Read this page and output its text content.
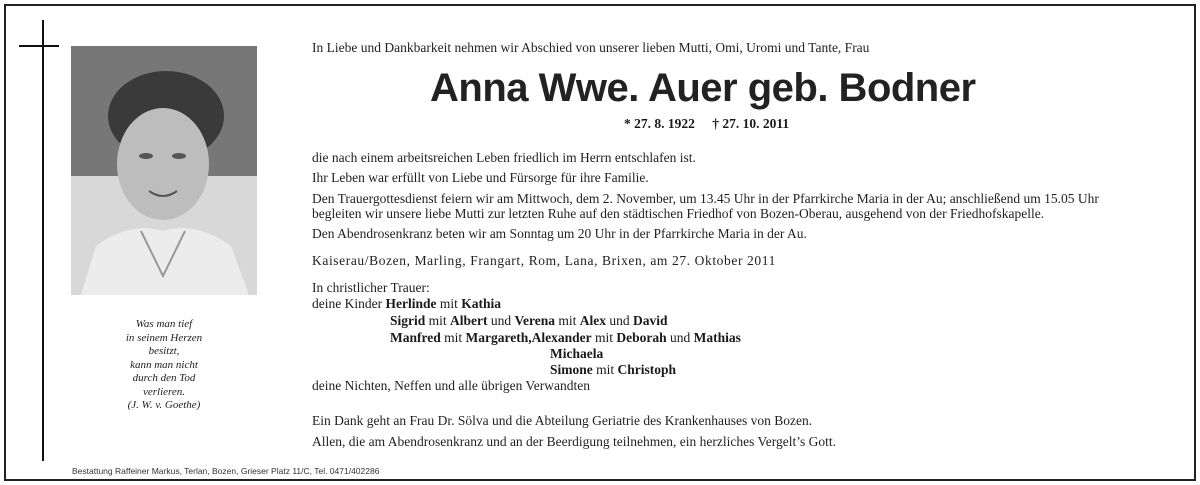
Was man tief
in seinem Herzen
besitzt,
kann man nicht
durch den Tod
verlieren.
(J. W. v. Goethe)
Bestattung Raffeiner Markus, Terlan, Bozen, Grieser Platz 11/C, Tel. 0471/402286
In Liebe und Dankbarkeit nehmen wir Abschied von unserer lieben Mutti, Omi, Uromi und Tante, Frau
Anna Wwe. Auer geb. Bodner
* 27. 8. 1922 † 27. 10. 2011
die nach einem arbeitsreichen Leben friedlich im Herrn entschlafen ist.
Ihr Leben war erfüllt von Liebe und Fürsorge für ihre Familie.
Den Trauergottesdienst feiern wir am Mittwoch, dem 2. November, um 13.45 Uhr in der Pfarrkirche Maria in der Au; anschließend um 15.05 Uhr
begleiten wir unsere liebe Mutti zur letzten Ruhe auf den städtischen Friedhof von Bozen-Oberau, ausgehend von der Friedhofskapelle.
Den Abendrosenkranz beten wir am Sonntag um 20 Uhr in der Pfarrkirche Maria in der Au.
Kaiserau/Bozen, Marling, Frangart, Rom, Lana, Brixen, am 27. Oktober 2011
In christlicher Trauer:
deine Kinder Herlinde mit Kathia
Sigrid mit Albert und Verena mit Alex und David
Manfred mit Margareth,Alexander mit Deborah und Mathias
Michaela
Simone mit Christoph
deine Nichten, Neffen und alle übrigen Verwandten
Ein Dank geht an Frau Dr. Sölva und die Abteilung Geriatrie des Krankenhauses von Bozen.
Allen, die am Abendrosenkranz und an der Beerdigung teilnehmen, ein herzliches Vergelt’s Gott.
